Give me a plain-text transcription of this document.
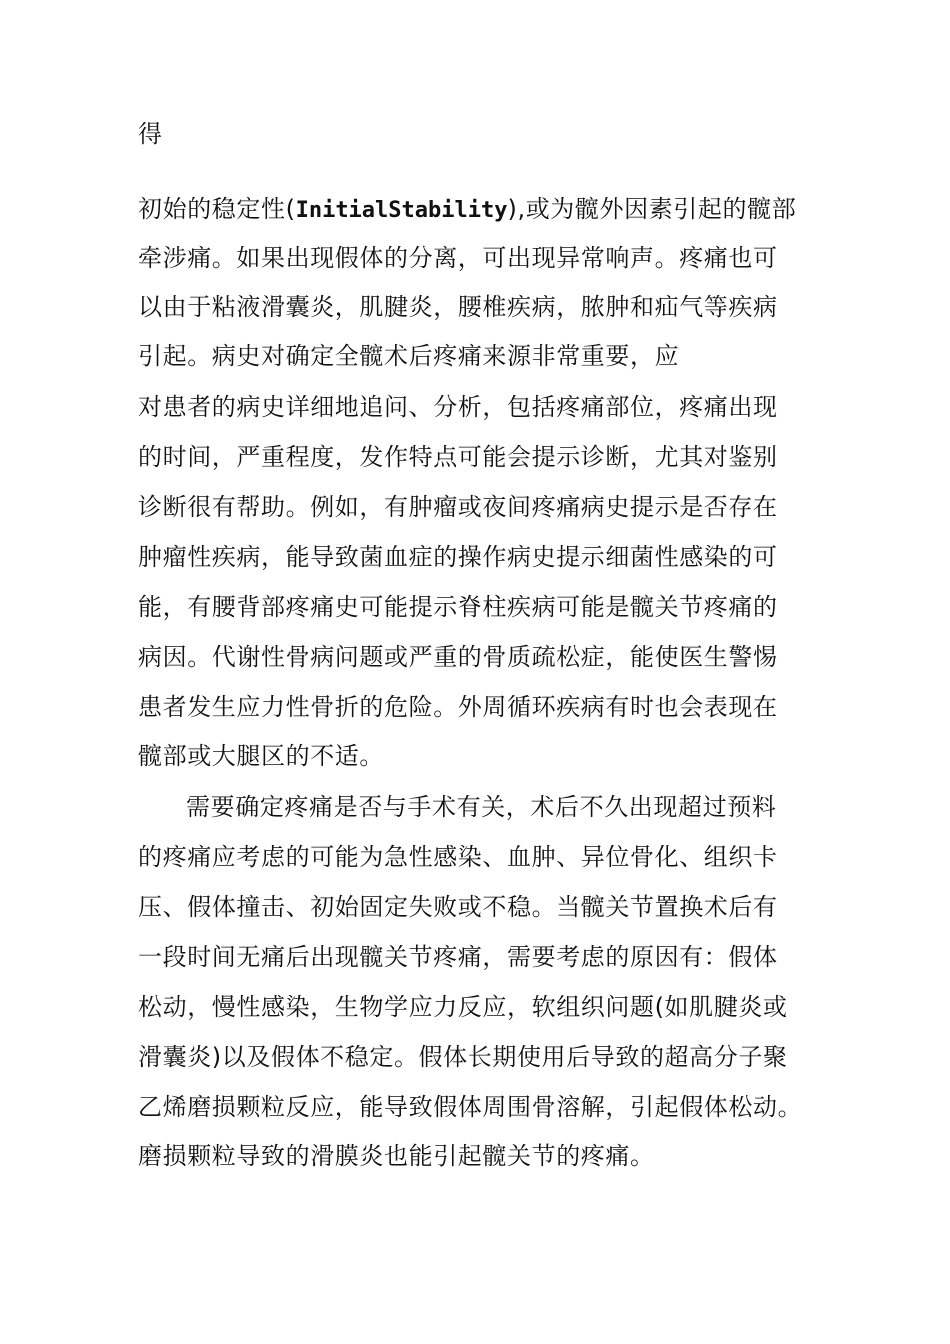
得
初始的稳定性(InitialStability),或为髋外因素引起的髋部
牵涉痛。如果出现假体的分离，可出现异常响声。疼痛也可
以由于粘液滑囊炎，肌腱炎，腰椎疾病，脓肿和疝气等疾病
引起。病史对确定全髋术后疼痛来源非常重要，应
对患者的病史详细地追问、分析，包括疼痛部位，疼痛出现
的时间，严重程度，发作特点可能会提示诊断，尤其对鉴别
诊断很有帮助。例如，有肿瘤或夜间疼痛病史提示是否存在
肿瘤性疾病，能导致菌血症的操作病史提示细菌性感染的可
能，有腰背部疼痛史可能提示脊柱疾病可能是髋关节疼痛的
病因。代谢性骨病问题或严重的骨质疏松症，能使医生警惕
患者发生应力性骨折的危险。外周循环疾病有时也会表现在
髋部或大腿区的不适。
需要确定疼痛是否与手术有关，术后不久出现超过预料
的疼痛应考虑的可能为急性感染、血肿、异位骨化、组织卡
压、假体撞击、初始固定失败或不稳。当髋关节置换术后有
一段时间无痛后出现髋关节疼痛，需要考虑的原因有：假体
松动，慢性感染，生物学应力反应，软组织问题(如肌腱炎或
滑囊炎)以及假体不稳定。假体长期使用后导致的超高分子聚
乙烯磨损颗粒反应，能导致假体周围骨溶解，引起假体松动。
磨损颗粒导致的滑膜炎也能引起髋关节的疼痛。
